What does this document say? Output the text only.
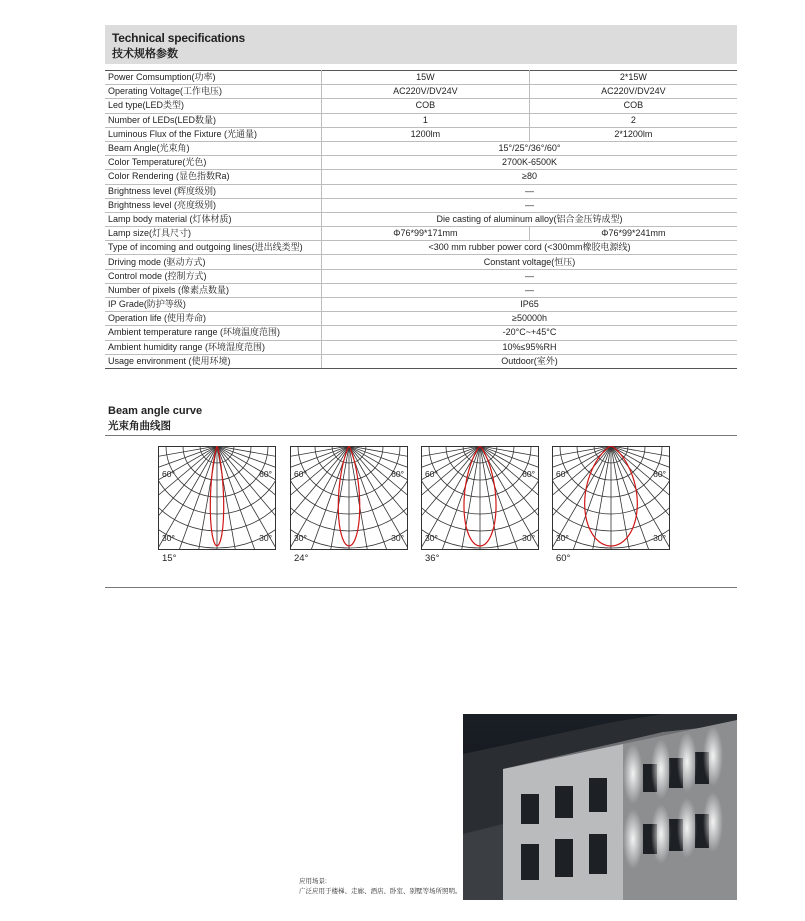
Technical specifications
技术规格参数
Power Comsumption(功率)	15W	2*15W
Operating Voltage(工作电压)	AC220V/DV24V	AC220V/DV24V
Led type(LED类型)	COB	COB
Number of LEDs(LED数量)	1	2
Luminous Flux of the Fixture (光通量)	1200lm	2*1200lm
Beam Angle(光束角)	15°/25°/36°/60°	
Color Temperature(光色)	2700K-6500K	
Color Rendering (显色指数Ra)	≥80	
Brightness level (辉度级别)	—	
Brightness level (亮度级别)	—	
Lamp body material (灯体材质)	Die casting of aluminum alloy(铝合金压铸成型)	
Lamp size(灯具尺寸)	Φ76*99*171mm	Φ76*99*241mm
Type of incoming and outgoing lines(进出线类型)	<300 mm rubber power cord (<300mm橡胶电源线)	
Driving mode (驱动方式)	Constant voltage(恒压)	
Control mode (控制方式)	—	
Number of pixels (像素点数量)	—	
IP Grade(防护等级)	IP65	
Operation life (使用寿命)	≥50000h	
Ambient temperature range (环境温度范围)	-20°C~+45°C	
Ambient humidity range (环境湿度范围)	10%≤95%RH	
Usage environment (使用环境)	Outdoor(室外)	
Beam angle curve
光束角曲线图
60°	60°
30°	30°
15°
60°	60°
30°	30°
24°
60°	60°
30°	30°
36°
60°	60°
30°	30°
60°
应用场景:
广泛应用于楼梯、走廊、酒店、卧室、别墅等场所照明。
